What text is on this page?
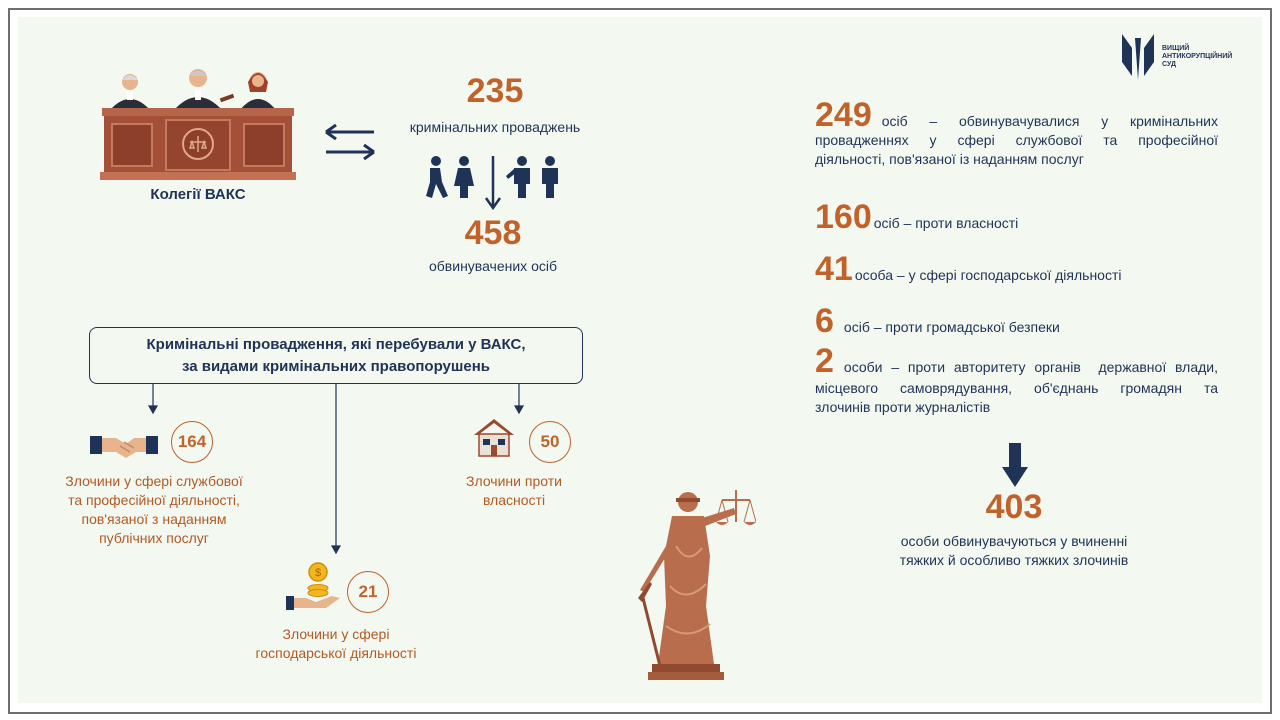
ВИЩИЙ
АНТИКОРУПЦІЙНИЙ
СУД
Колегії ВАКС
235
кримінальних проваджень
458
обвинувачених осіб
Кримінальні провадження, які перебували у ВАКС,
за видами кримінальних правопорушень
164
Злочини у сфері службової
та професійної діяльності,
пов'язаної з наданням
публічних послуг
50
Злочини проти
власності
$
21
Злочини у сфері
господарської діяльності
249 осіб – обвинувачувалися у кримінальних
провадженнях у сфері службової та професійної
діяльності, пов'язаної із наданням послуг
160 осіб – проти власності
41 особа – у сфері господарської діяльності
6 осіб – проти громадської безпеки
2 особи – проти авторитету органів  державної влади,
місцевого самоврядування, об'єднань громадян та
злочинів проти журналістів
403
особи обвинувачуються у вчиненні
тяжких й особливо тяжких злочинів
